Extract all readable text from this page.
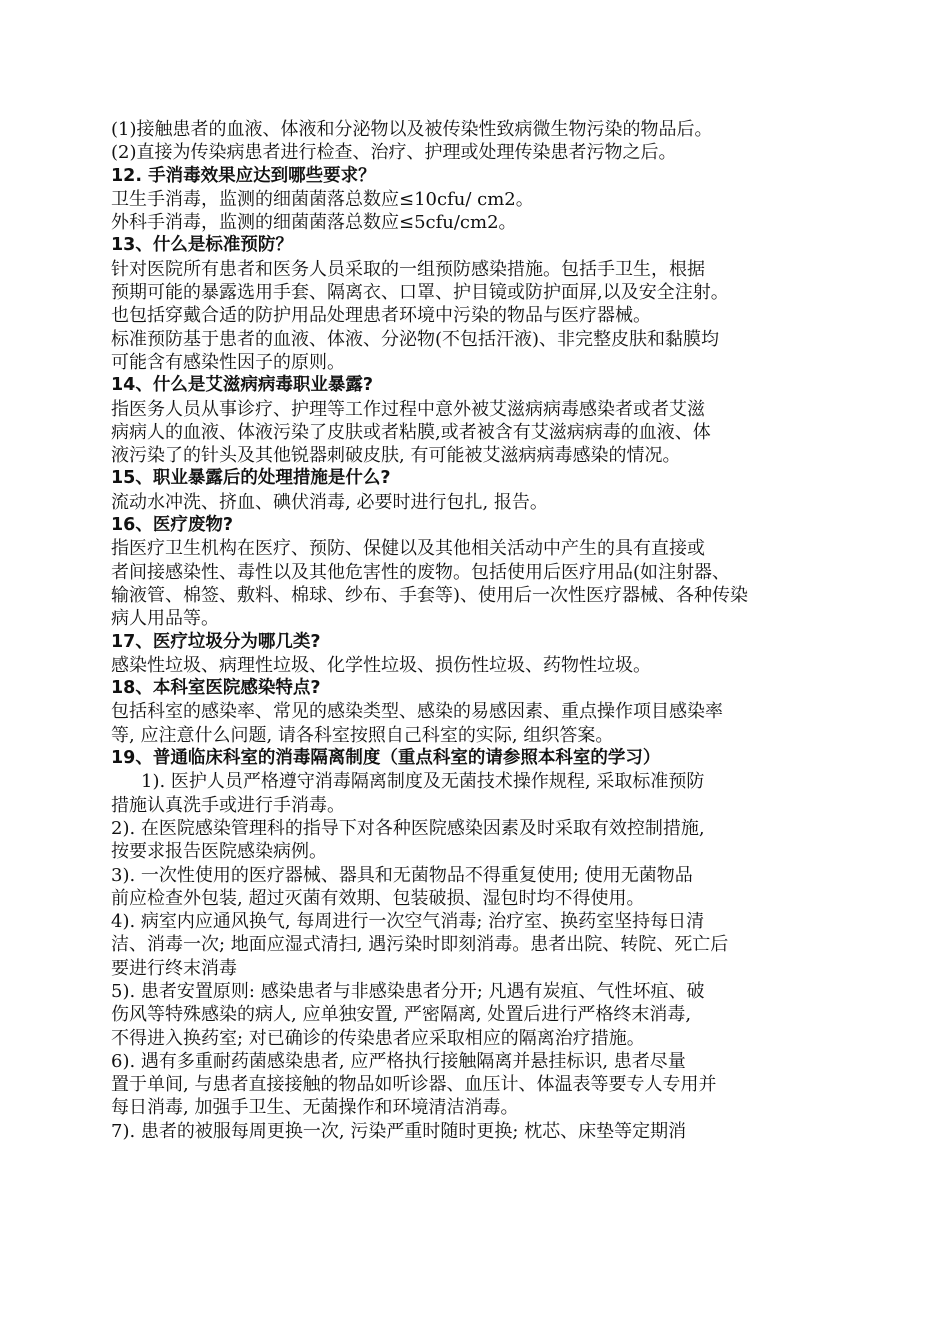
(1)接触患者的血液、体液和分泌物以及被传染性致病微生物污染的物品后。
(2)直接为传染病患者进行检查、治疗、护理或处理传染患者污物之后。
12. 手消毒效果应达到哪些要求？
卫生手消毒，监测的细菌菌落总数应≤10cfu/ cm2。
外科手消毒，监测的细菌菌落总数应≤5cfu/cm2。
13、什么是标准预防？
针对医院所有患者和医务人员采取的一组预防感染措施。包括手卫生，根据
预期可能的暴露选用手套、隔离衣、口罩、护目镜或防护面屏,以及安全注射。
也包括穿戴合适的防护用品处理患者环境中污染的物品与医疗器械。
标准预防基于患者的血液、体液、分泌物(不包括汗液)、非完整皮肤和黏膜均
可能含有感染性因子的原则。
14、什么是艾滋病病毒职业暴露?
指医务人员从事诊疗、护理等工作过程中意外被艾滋病病毒感染者或者艾滋
病病人的血液、体液污染了皮肤或者粘膜,或者被含有艾滋病病毒的血液、体
液污染了的针头及其他锐器刺破皮肤, 有可能被艾滋病病毒感染的情况。
15、职业暴露后的处理措施是什么?
流动水冲洗、挤血、碘伏消毒, 必要时进行包扎, 报告。
16、医疗废物?
指医疗卫生机构在医疗、预防、保健以及其他相关活动中产生的具有直接或
者间接感染性、毒性以及其他危害性的废物。包括使用后医疗用品(如注射器、
输液管、棉签、敷料、棉球、纱布、手套等)、使用后一次性医疗器械、各种传染
病人用品等。
17、医疗垃圾分为哪几类?
感染性垃圾、病理性垃圾、化学性垃圾、损伤性垃圾、药物性垃圾。
18、本科室医院感染特点?
包括科室的感染率、常见的感染类型、感染的易感因素、重点操作项目感染率
等, 应注意什么问题, 请各科室按照自己科室的实际, 组织答案。
19、普通临床科室的消毒隔离制度（重点科室的请参照本科室的学习）
1). 医护人员严格遵守消毒隔离制度及无菌技术操作规程, 采取标准预防
措施认真洗手或进行手消毒。
2). 在医院感染管理科的指导下对各种医院感染因素及时采取有效控制措施,
按要求报告医院感染病例。
3). 一次性使用的医疗器械、器具和无菌物品不得重复使用; 使用无菌物品
前应检查外包装, 超过灭菌有效期、包装破损、湿包时均不得使用。
4). 病室内应通风换气, 每周进行一次空气消毒; 治疗室、换药室坚持每日清
洁、消毒一次; 地面应湿式清扫, 遇污染时即刻消毒。患者出院、转院、死亡后
要进行终末消毒
5). 患者安置原则: 感染患者与非感染患者分开; 凡遇有炭疽、气性坏疽、破
伤风等特殊感染的病人, 应单独安置, 严密隔离, 处置后进行严格终末消毒,
不得进入换药室; 对已确诊的传染患者应采取相应的隔离治疗措施。
6). 遇有多重耐药菌感染患者, 应严格执行接触隔离并悬挂标识, 患者尽量
置于单间, 与患者直接接触的物品如听诊器、血压计、体温表等要专人专用并
每日消毒, 加强手卫生、无菌操作和环境清洁消毒。
7). 患者的被服每周更换一次, 污染严重时随时更换; 枕芯、床垫等定期消
